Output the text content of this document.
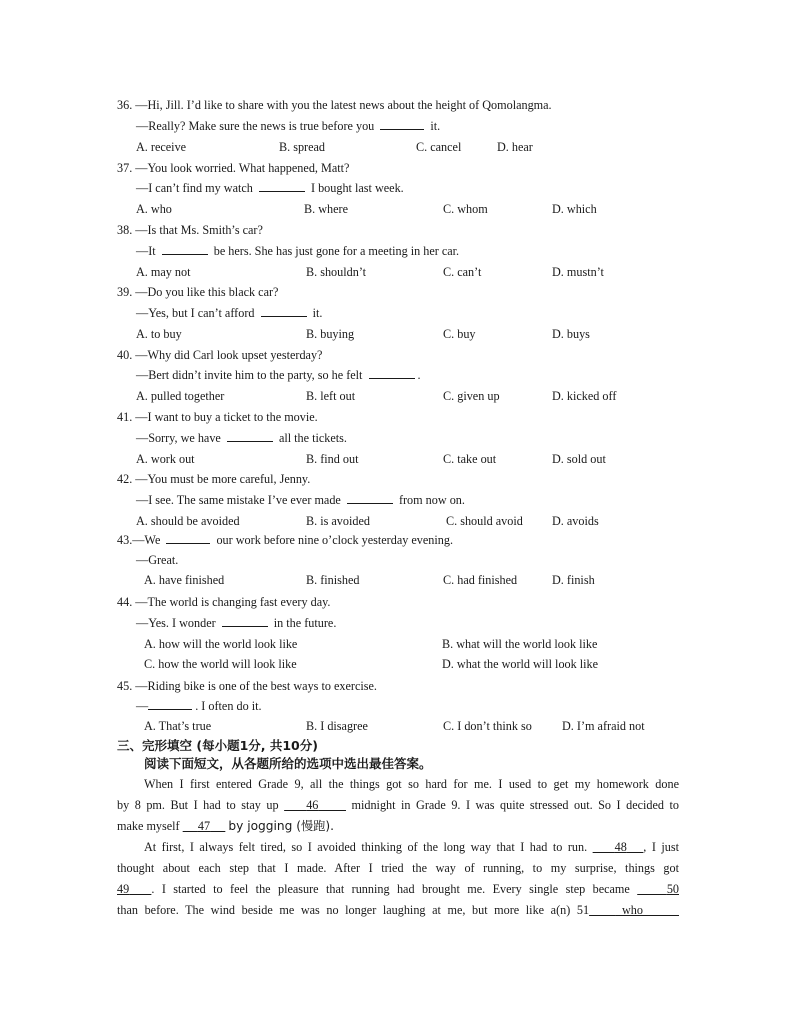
36. —Hi, Jill. I’d like to share with you the latest news about the height of Qomolangma.
—Really? Make sure the news is true before you	it.
A. receive	B. spread	C. cancel	D. hear
37. —You look worried. What happened, Matt?
—I can’t find my watch	I bought last week.
A. who	B. where	C. whom	D. which
38. —Is that Ms. Smith’s car?
—It	be hers. She has just gone for a meeting in her car.
A. may not	B. shouldn’t	C. can’t	D. mustn’t
39. —Do you like this black car?
—Yes, but I can’t afford	it.
A. to buy	B. buying	C. buy	D. buys
40. —Why did Carl look upset yesterday?
—Bert didn’t invite him to the party, so he felt	.
A. pulled together	B. left out	C. given up	D. kicked off
41. —I want to buy a ticket to the movie.
—Sorry, we have	all the tickets.
A. work out	B. find out	C. take out	D. sold out
42. —You must be more careful, Jenny.
—I see. The same mistake I’ve ever made	from now on.
A. should be avoided	B. is avoided	C. should avoid D. avoids
43.—We	our work before nine o’clock yesterday evening.
—Great.
A. have finished	B. finished	C. had finished	D. finish
44. —The world is changing fast every day.
—Yes. I wonder	in the future.
A. how will the world look like	B. what will the world look like
C. how the world will look like	D. what the world will look like
45. —Riding bike is one of the best ways to exercise.
—	. I often do it.
A. That’s true	B. I disagree	C. I don’t think so D. I’m afraid not
三、完形填空 (每小题1分, 共10分)
阅读下面短文，从各题所给的选项中选出最佳答案。
When I first entered Grade 9, all the things got so hard for me. I used to get my homework done
by 8 pm. But I had to stay up     46      midnight in Grade 9. I was quite stressed out. So I decided to
make myself      47      by jogging (慢跑).
At first, I always felt tired, so I avoided thinking of the long way that I had to run.     48 , I just
thought about each step that I made. After I tried the way of running, to my surprise, things got
49 . I started to feel the pleasure that running had brought me. Every single step became     50
than before. The wind beside me was no longer laughing at me, but more like a(n) 51     who
